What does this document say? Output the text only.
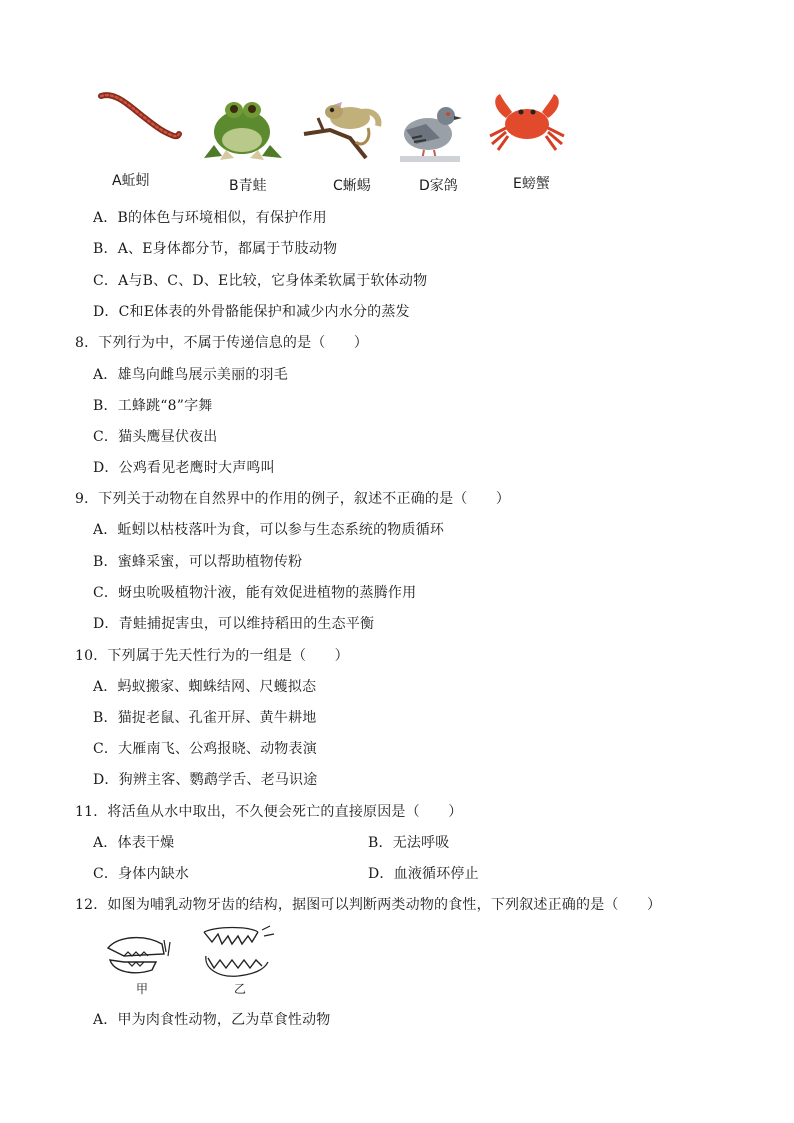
A蚯蚓	B青蛙	C蜥蜴	D家鸽	E螃蟹
A．B的体色与环境相似，有保护作用
B．A、E身体都分节，都属于节肢动物
C．A与B、C、D、E比较，它身体柔软属于软体动物
D．C和E体表的外骨骼能保护和减少内水分的蒸发
8．下列行为中，不属于传递信息的是（　　）
A．雄鸟向雌鸟展示美丽的羽毛
B．工蜂跳“8”字舞
C．猫头鹰昼伏夜出
D．公鸡看见老鹰时大声鸣叫
9．下列关于动物在自然界中的作用的例子，叙述不正确的是（　　）
A．蚯蚓以枯枝落叶为食，可以参与生态系统的物质循环
B．蜜蜂采蜜，可以帮助植物传粉
C．蚜虫吮吸植物汁液，能有效促进植物的蒸腾作用
D．青蛙捕捉害虫，可以维持稻田的生态平衡
10．下列属于先天性行为的一组是（　　）
A．蚂蚁搬家、蜘蛛结网、尺蠖拟态
B．猫捉老鼠、孔雀开屏、黄牛耕地
C．大雁南飞、公鸡报晓、动物表演
D．狗辨主客、鹦鹉学舌、老马识途
11．将活鱼从水中取出，不久便会死亡的直接原因是（　　）
A．体表干燥	B．无法呼吸
C．身体内缺水	D．血液循环停止
12．如图为哺乳动物牙齿的结构，据图可以判断两类动物的食性，下列叙述正确的是（　　）
甲	乙
A．甲为肉食性动物，乙为草食性动物
